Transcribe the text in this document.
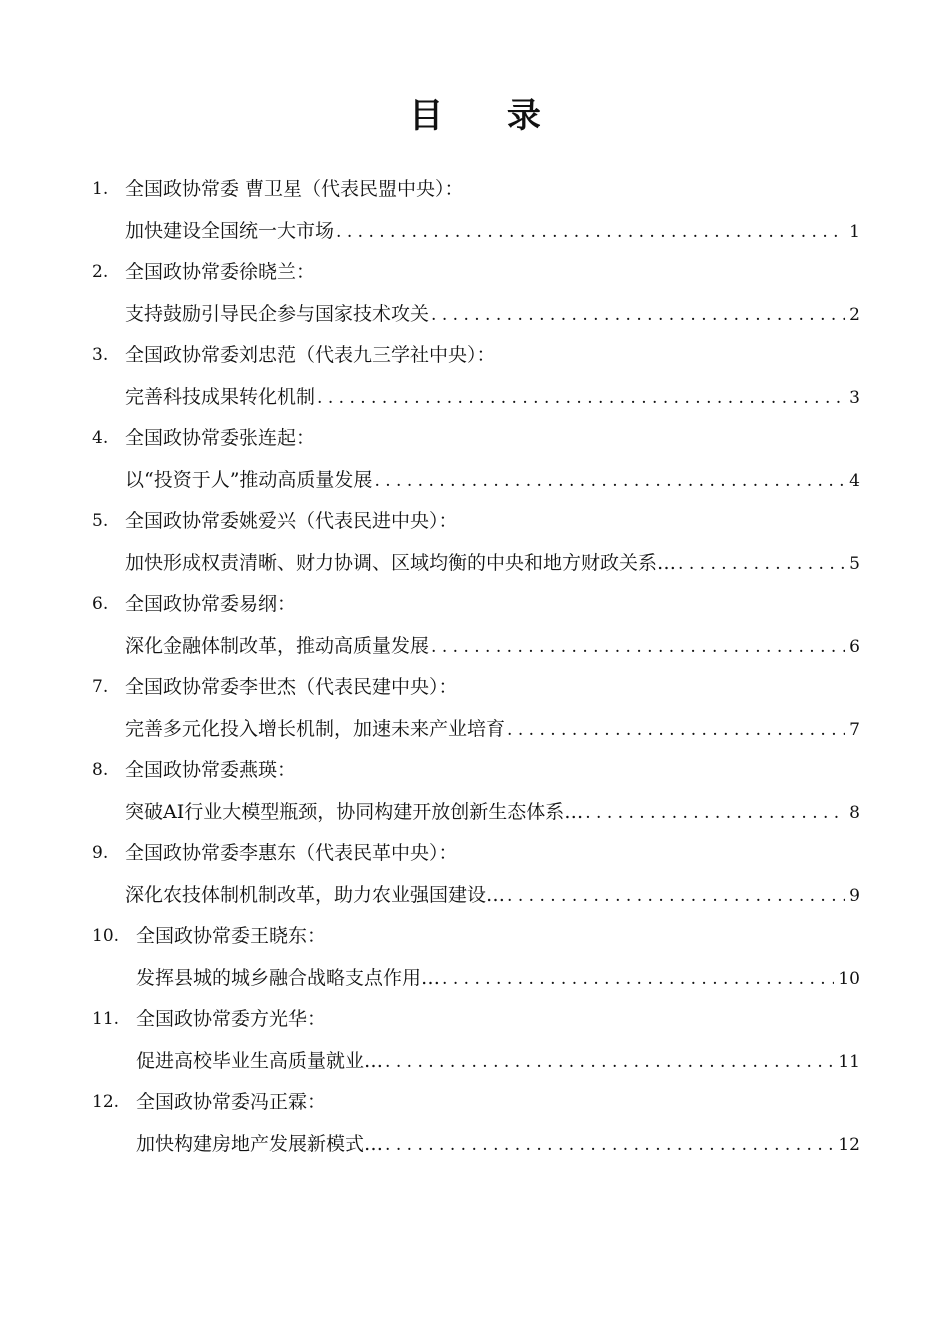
目 录
1. 全国政协常委 曹卫星（代表民盟中央）：
加快建设全国统一大市场 . . .	1
2. 全国政协常委徐晓兰：
支持鼓励引导民企参与国家技术攻关 . . .	2
3. 全国政协常委刘忠范（代表九三学社中央）：
完善科技成果转化机制 . . .	3
4. 全国政协常委张连起：
以“投资于人”推动高质量发展 . . .	4
5. 全国政协常委姚爱兴（代表民进中央）：
加快形成权责清晰、财力协调、区域均衡的中央和地方财政关系… . . .	5
6. 全国政协常委易纲：
深化金融体制改革，推动高质量发展 . . .	6
7. 全国政协常委李世杰（代表民建中央）：
完善多元化投入增长机制，加速未来产业培育 . . .	7
8. 全国政协常委燕瑛：
突破AI行业大模型瓶颈，协同构建开放创新生态体系… . . .	8
9. 全国政协常委李惠东（代表民革中央）：
深化农技体制机制改革，助力农业强国建设… . . .	9
10. 全国政协常委王晓东：
发挥县城的城乡融合战略支点作用… . . .	10
11. 全国政协常委方光华：
促进高校毕业生高质量就业… . . .	11
12. 全国政协常委冯正霖：
加快构建房地产发展新模式… . . .	12
